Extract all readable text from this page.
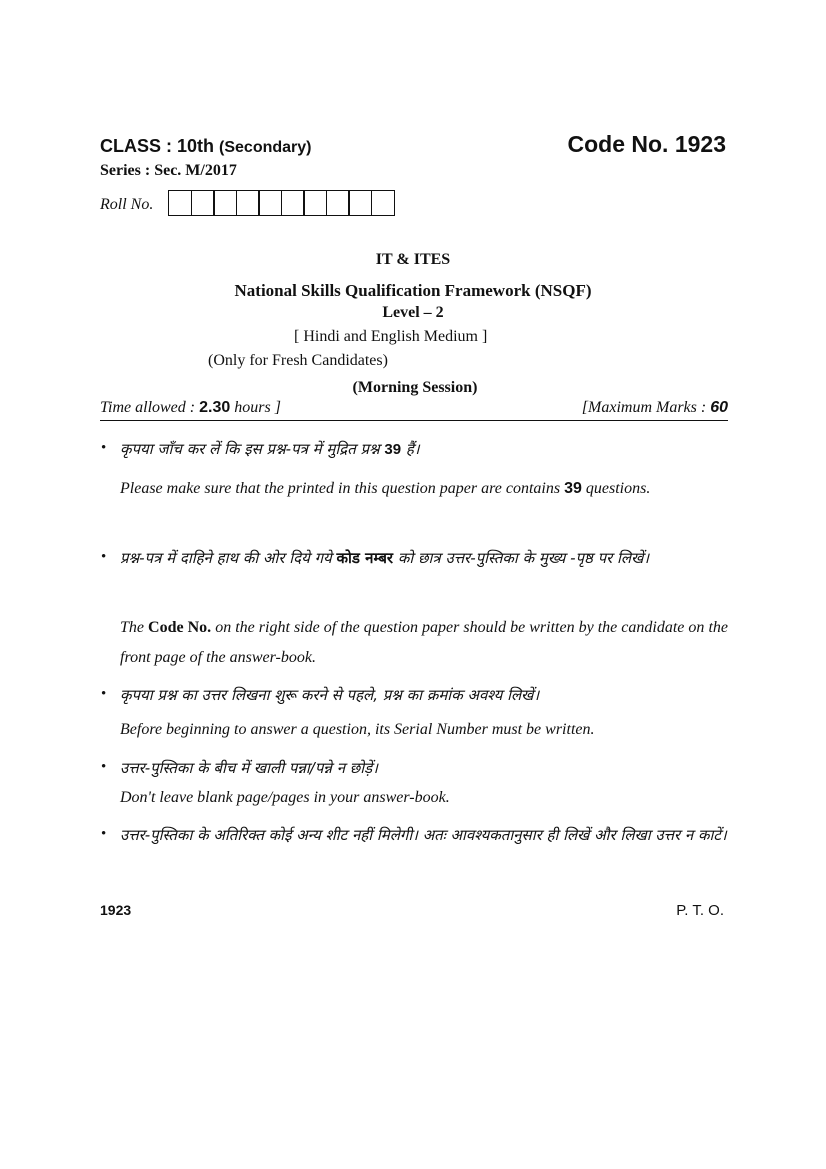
CLASS : 10th (Secondary)	Code No. 1923
Series : Sec. M/2017
Roll No.
IT & ITES
National Skills Qualification Framework (NSQF)
Level – 2
[ Hindi and English Medium ]
(Only for Fresh Candidates)
(Morning Session)
Time allowed : 2.30 hours ]	[Maximum Marks : 60
• कृपया जाँच कर लें कि इस प्रश्न-पत्र में मुद्रित प्रश्न 39 हैं।
Please make sure that the printed in this question paper are contains 39 questions.
• प्रश्न-पत्र में दाहिने हाथ की ओर दिये गये कोड नम्बर को छात्र उत्तर-पुस्तिका के मुख्य -पृष्ठ पर लिखें।
The Code No. on the right side of the question paper should be written by the candidate on the front page of the answer-book.
• कृपया प्रश्न का उत्तर लिखना शुरू करने से पहले, प्रश्न का क्रमांक अवश्य लिखें।
Before beginning to answer a question, its Serial Number must be written.
• उत्तर-पुस्तिका के बीच में खाली पन्ना/पन्ने न छोड़ें।
Don't leave blank page/pages in your answer-book.
• उत्तर-पुस्तिका के अतिरिक्त कोई अन्य शीट नहीं मिलेगी। अतः आवश्यकतानुसार ही लिखें और लिखा उत्तर न काटें।
1923	P. T. O.
